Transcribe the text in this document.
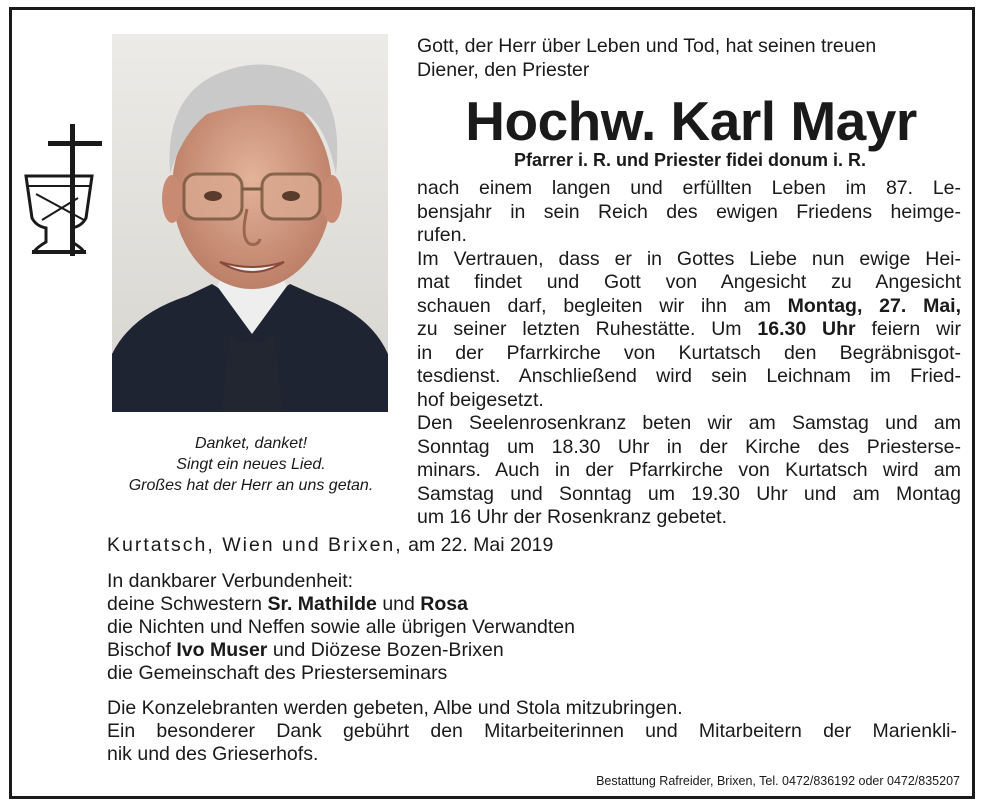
Danket, danket!
Singt ein neues Lied.
Großes hat der Herr an uns getan.
Gott, der Herr über Leben und Tod, hat seinen treuen
Diener, den Priester
Hochw. Karl Mayr
Pfarrer i. R. und Priester fidei donum i. R.
nach einem langen und erfüllten Leben im 87. Le-
bensjahr in sein Reich des ewigen Friedens heimge-
rufen.
Im Vertrauen, dass er in Gottes Liebe nun ewige Hei-
mat findet und Gott von Angesicht zu Angesicht
schauen darf, begleiten wir ihn am Montag, 27. Mai,
zu seiner letzten Ruhestätte. Um 16.30 Uhr feiern wir
in der Pfarrkirche von Kurtatsch den Begräbnisgot-
tesdienst. Anschließend wird sein Leichnam im Fried-
hof beigesetzt.
Den Seelenrosenkranz beten wir am Samstag und am
Sonntag um 18.30 Uhr in der Kirche des Priesterse-
minars. Auch in der Pfarrkirche von Kurtatsch wird am
Samstag und Sonntag um 19.30 Uhr und am Montag
um 16 Uhr der Rosenkranz gebetet.
Kurtatsch, Wien und Brixen, am 22. Mai 2019
In dankbarer Verbundenheit:
deine Schwestern Sr. Mathilde und Rosa
die Nichten und Neffen sowie alle übrigen Verwandten
Bischof Ivo Muser und Diözese Bozen-Brixen
die Gemeinschaft des Priesterseminars
Die Konzelebranten werden gebeten, Albe und Stola mitzubringen.
Ein besonderer Dank gebührt den Mitarbeiterinnen und Mitarbeitern der Marienkli-
nik und des Grieserhofs.
Bestattung Rafreider, Brixen, Tel. 0472/836192 oder 0472/835207
